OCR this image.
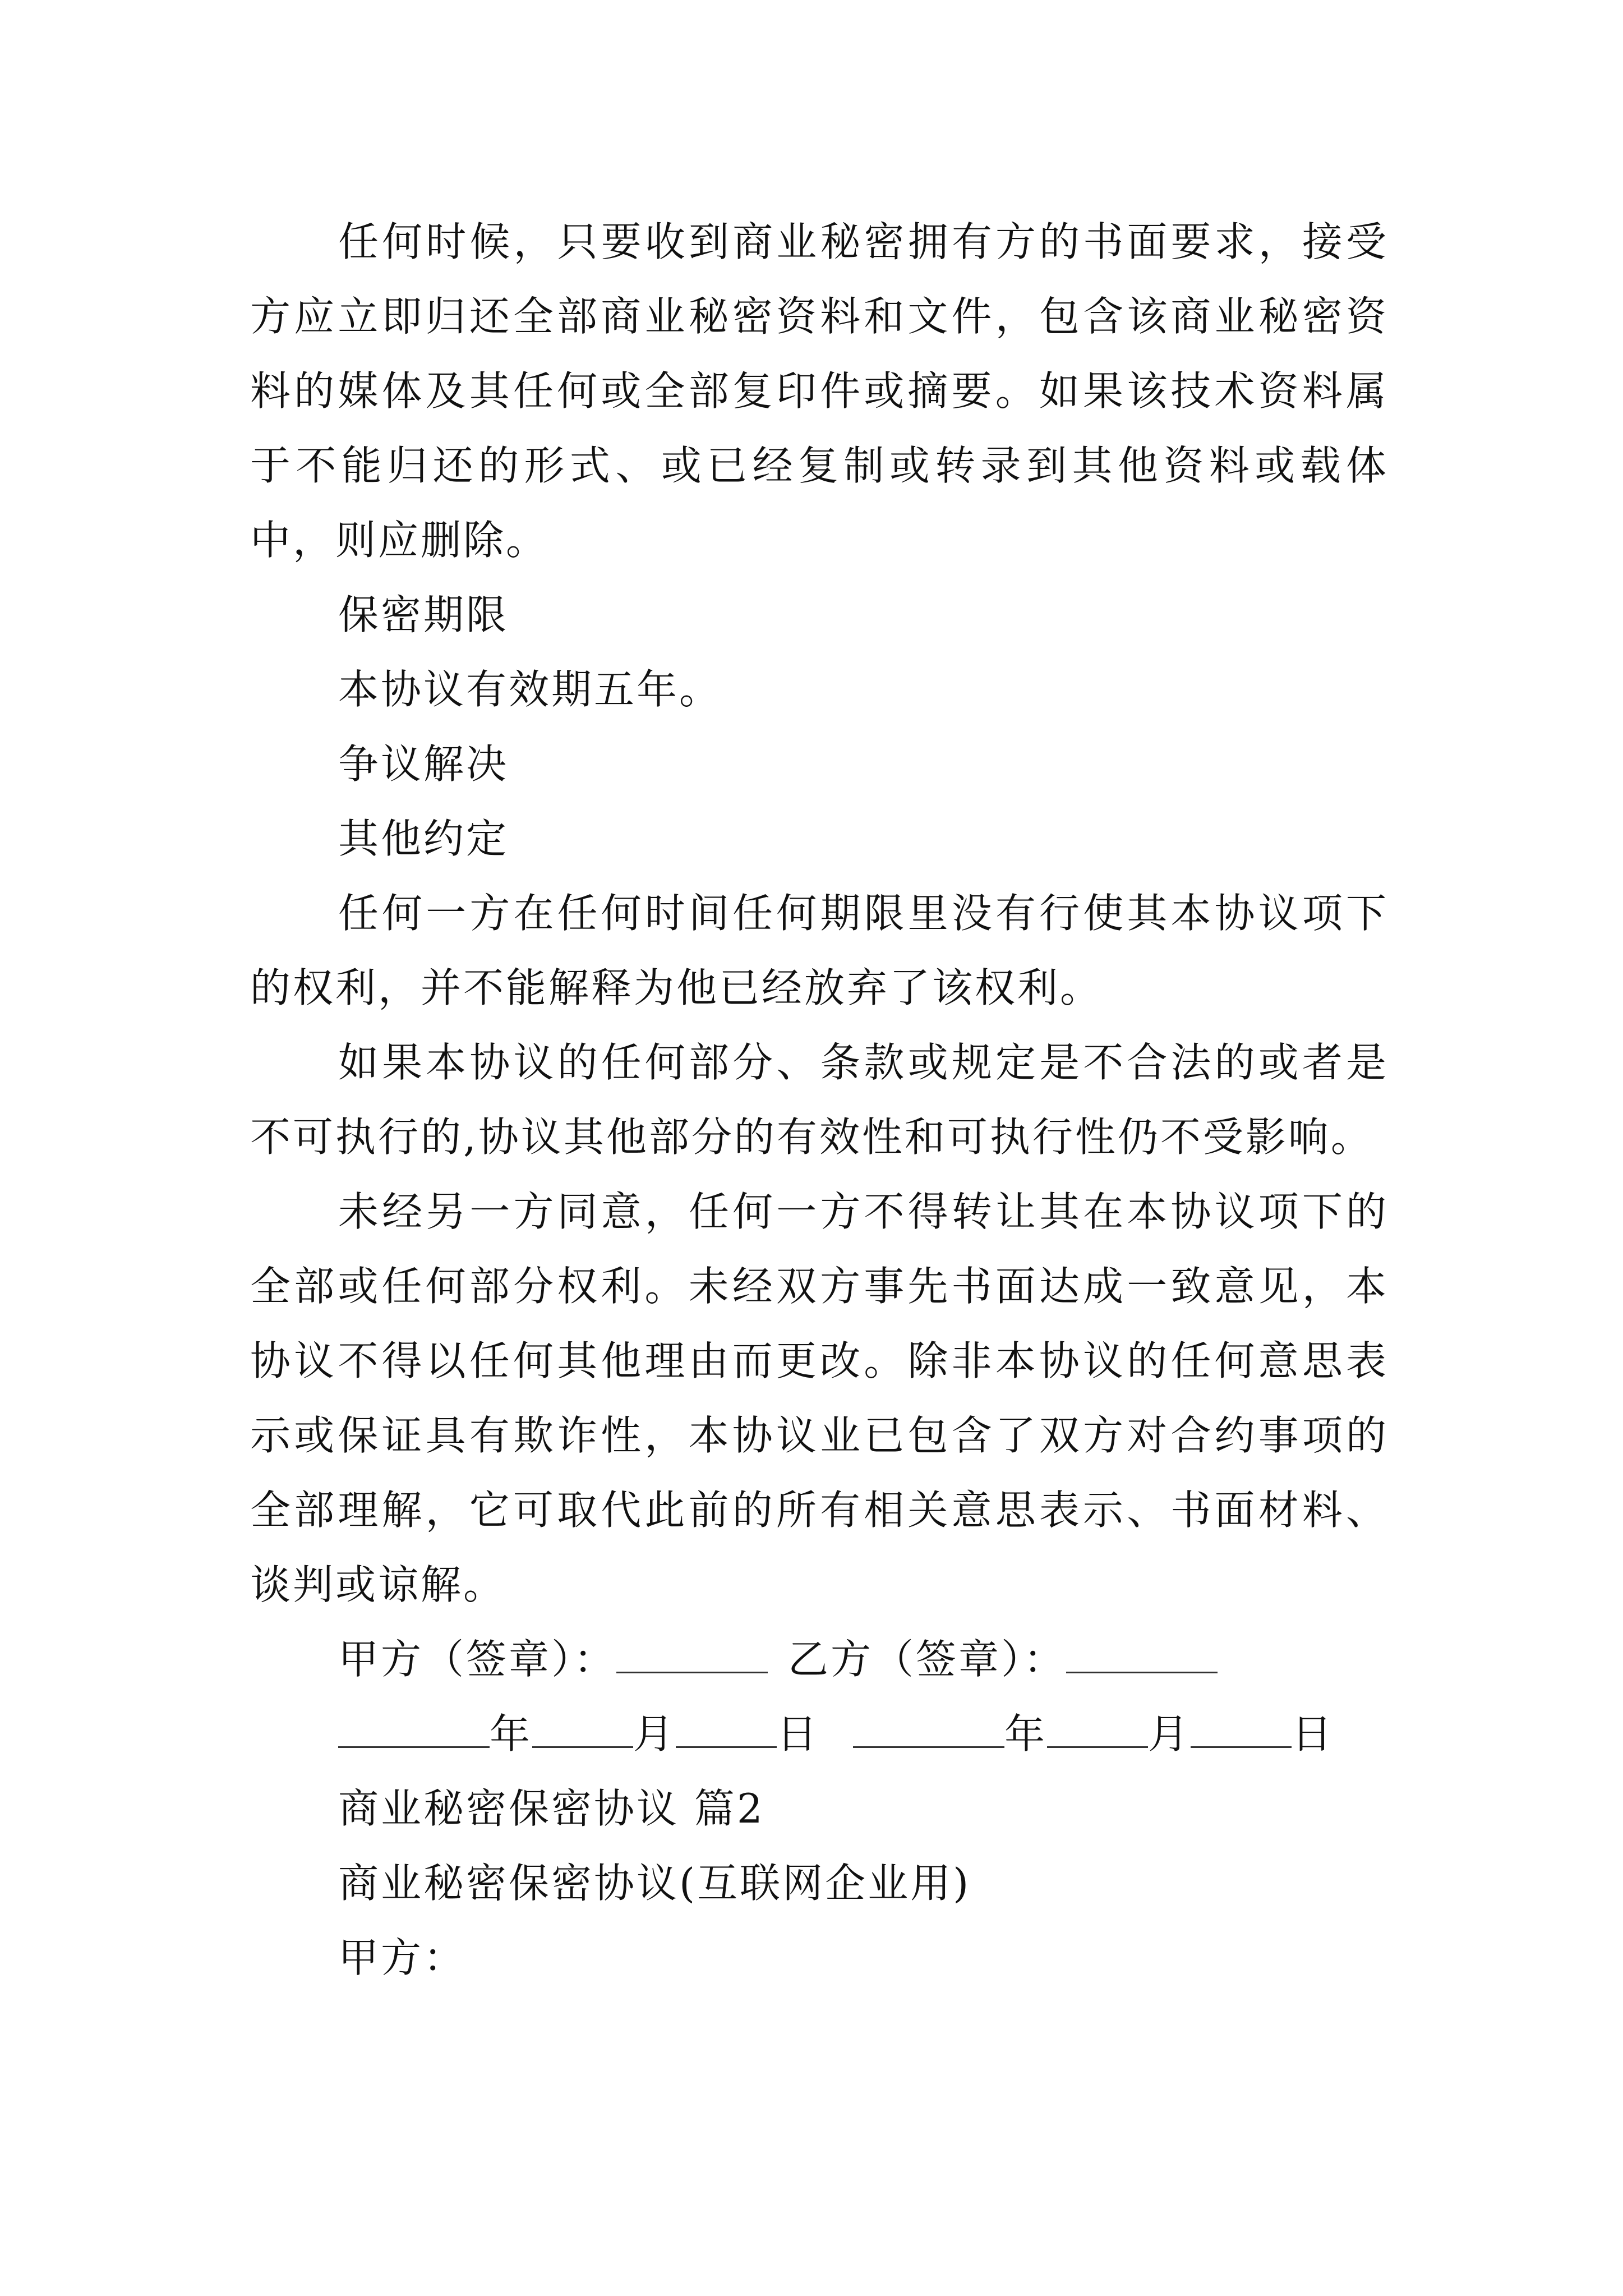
任何时候，只要收到商业秘密拥有方的书面要求，接受方应立即归还全部商业秘密资料和文件，包含该商业秘密资料的媒体及其任何或全部复印件或摘要。如果该技术资料属于不能归还的形式、或已经复制或转录到其他资料或载体中，则应删除。

保密期限

本协议有效期五年。

争议解决

其他约定

任何一方在任何时间任何期限里没有行使其本协议项下的权利，并不能解释为他已经放弃了该权利。

如果本协议的任何部分、条款或规定是不合法的或者是不可执行的,协议其他部分的有效性和可执行性仍不受影响。

未经另一方同意，任何一方不得转让其在本协议项下的全部或任何部分权利。未经双方事先书面达成一致意见，本协议不得以任何其他理由而更改。除非本协议的任何意思表示或保证具有欺诈性，本协议业已包含了双方对合约事项的全部理解，它可取代此前的所有相关意思表示、书面材料、谈判或谅解。

甲方（签章）：	乙方（签章）：

年	月	日	年	月	日

商业秘密保密协议 篇2

商业秘密保密协议(互联网企业用)

甲方：
